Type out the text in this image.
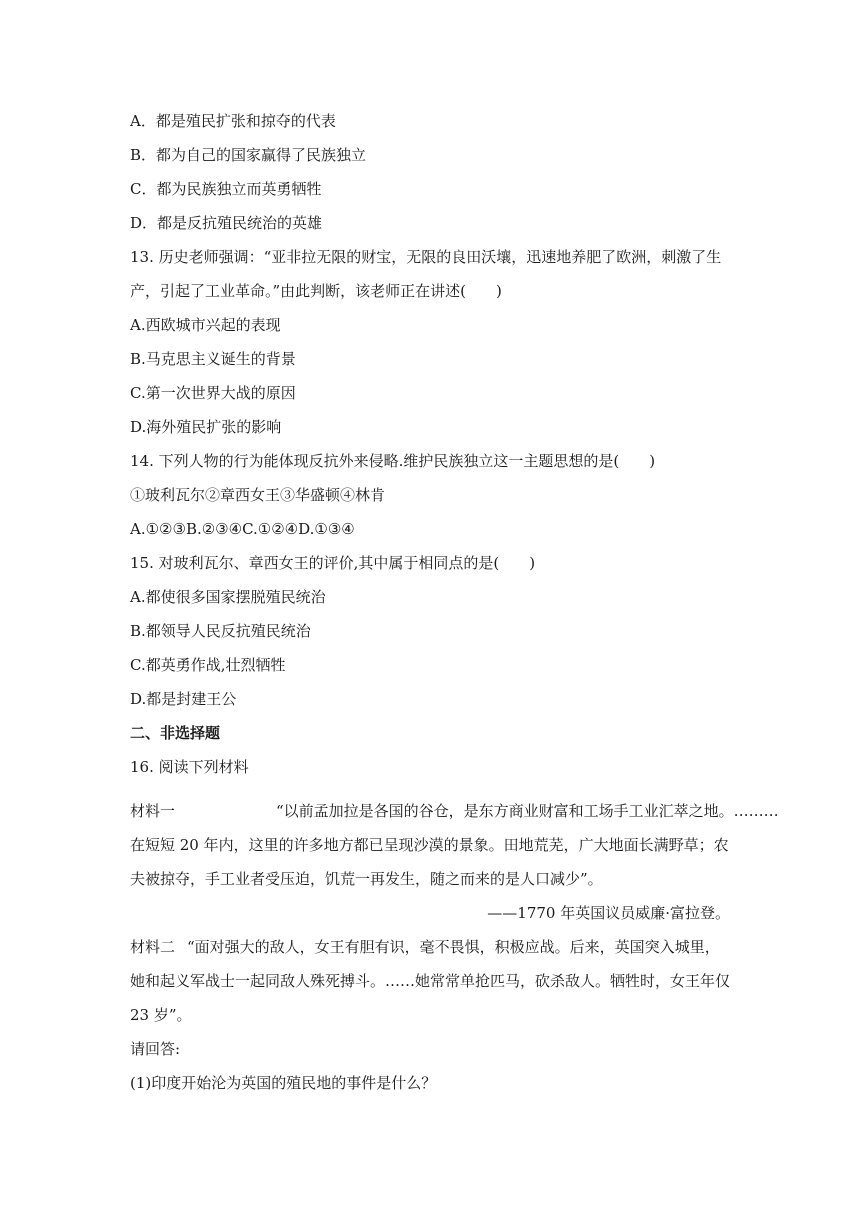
A．都是殖民扩张和掠夺的代表
B．都为自己的国家赢得了民族独立
C．都为民族独立而英勇牺牲
D．都是反抗殖民统治的英雄
13. 历史老师强调：“亚非拉无限的财宝，无限的良田沃壤，迅速地养肥了欧洲，刺激了生
产，引起了工业革命。”由此判断，该老师正在讲述(　　)
A.西欧城市兴起的表现
B.马克思主义诞生的背景
C.第一次世界大战的原因
D.海外殖民扩张的影响
14. 下列人物的行为能体现反抗外来侵略.维护民族独立这一主题思想的是(　　)
①玻利瓦尔②章西女王③华盛顿④林肯
A.①②③B.②③④C.①②④D.①③④
15. 对玻利瓦尔、章西女王的评价,其中属于相同点的是(　　)
A.都使很多国家摆脱殖民统治
B.都领导人民反抗殖民统治
C.都英勇作战,壮烈牺牲
D.都是封建王公
二、非选择题
16. 阅读下列材料
材料一	“以前孟加拉是各国的谷仓，是东方商业财富和工场手工业汇萃之地。………
在短短 20 年内，这里的许多地方都已呈现沙漠的景象。田地荒芜，广大地面长满野草；农
夫被掠夺，手工业者受压迫，饥荒一再发生，随之而来的是人口减少”。
——1770 年英国议员威廉·富拉登。
材料二 “面对强大的敌人，女王有胆有识，毫不畏惧，积极应战。后来，英国突入城里，
她和起义军战士一起同敌人殊死搏斗。……她常常单抢匹马，砍杀敌人。牺牲时，女王年仅
23 岁”。
请回答:
(1)印度开始沦为英国的殖民地的事件是什么？
